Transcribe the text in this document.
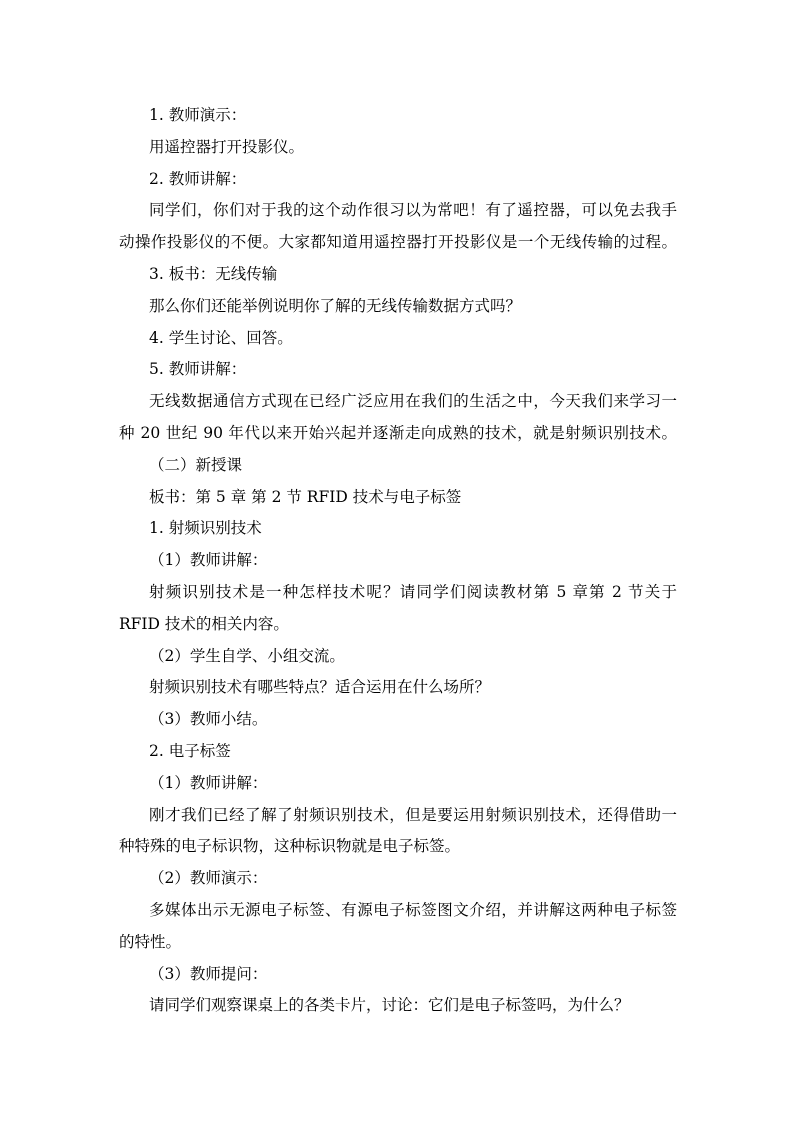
1. 教师演示：
用遥控器打开投影仪。
2. 教师讲解：
同学们，你们对于我的这个动作很习以为常吧！有了遥控器，可以免去我手
动操作投影仪的不便。大家都知道用遥控器打开投影仪是一个无线传输的过程。
3. 板书：无线传输
那么你们还能举例说明你了解的无线传输数据方式吗？
4. 学生讨论、回答。
5. 教师讲解：
无线数据通信方式现在已经广泛应用在我们的生活之中，今天我们来学习一
种 20 世纪 90 年代以来开始兴起并逐渐走向成熟的技术，就是射频识别技术。
（二）新授课
板书：第 5 章 第 2 节 RFID 技术与电子标签
1. 射频识别技术
（1）教师讲解：
射频识别技术是一种怎样技术呢？请同学们阅读教材第 5 章第 2 节关于
RFID 技术的相关内容。
（2）学生自学、小组交流。
射频识别技术有哪些特点？适合运用在什么场所？
（3）教师小结。
2. 电子标签
（1）教师讲解：
刚才我们已经了解了射频识别技术，但是要运用射频识别技术，还得借助一
种特殊的电子标识物，这种标识物就是电子标签。
（2）教师演示：
多媒体出示无源电子标签、有源电子标签图文介绍，并讲解这两种电子标签
的特性。
（3）教师提问：
请同学们观察课桌上的各类卡片，讨论：它们是电子标签吗，为什么？
